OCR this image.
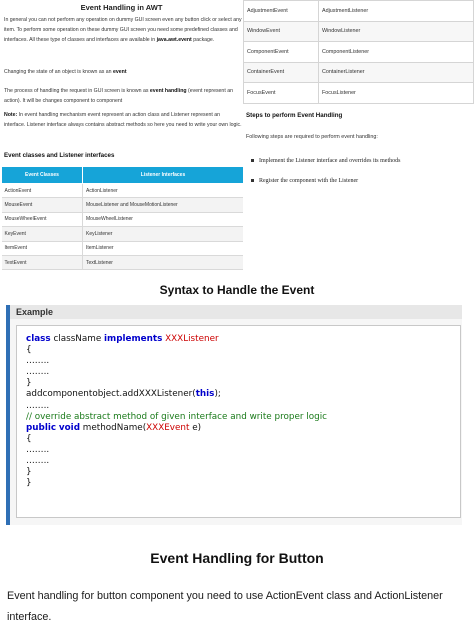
Event Handling in AWT
In general you can not perform any operation on dummy GUI screen even any button click or select any item. To perform some operation on these dummy GUI screen you need some predefined classes and interfaces. All these type of classes and interfaces are available in java.awt.event package.
Changing the state of an object is known as an event
The process of handling the request in GUI screen is known as event handling (event represent an action). It will be changes component to component
Note: In event handling mechanism event represent an action class and Listener represent an interface. Listener interface always contains abstract methods so here you need to write your own logic.
Event classes and Listener interfaces
Event Classes	Listener Interfaces
ActionEvent	ActionListener
MouseEvent	MouseListener and MouseMotionListener
MouseWheelEvent	MouseWheelListener
KeyEvent	KeyListener
ItemEvent	ItemListener
TextEvent	TextListener
AdjustmentEvent	AdjustmentListener
WindowEvent	WindowListener
ComponentEvent	ComponentListener
ContainerEvent	ContainerListener
FocusEvent	FocusListener
Steps to perform Event Handling
Following steps are required to perform event handling:
Implement the Listener interface and overrides its methods
Register the component with the Listener
Syntax to Handle the Event
Example
class className implements XXXListener
{
……..
……..
}
addcomponentobject.addXXXListener(this);
……..
// override abstract method of given interface and write proper logic
public void methodName(XXXEvent e)
{
……..
……..
}
}
Event Handling for Button
Event handling for button component you need to use ActionEvent class and ActionListener interface.
